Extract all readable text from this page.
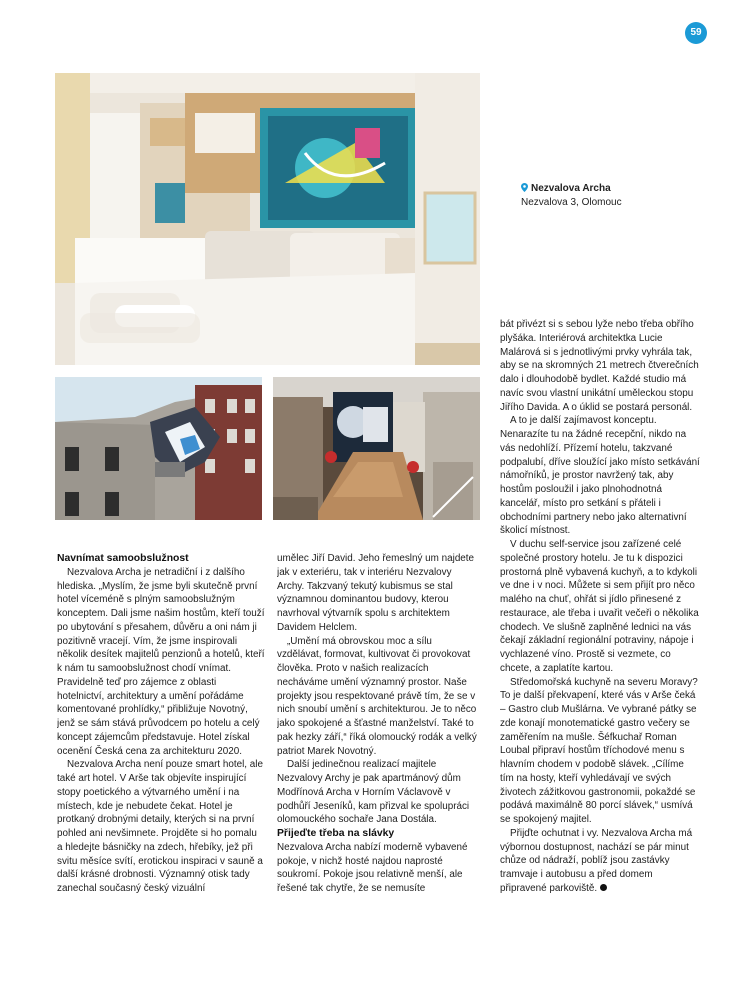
59
Nezvalova Archa
Nezvalova 3, Olomouc
Navnímat samoobslužnost

Nezvalova Archa je netradiční i z dalšího hlediska. „Myslím, že jsme byli skutečně první hotel víceméně s plným samoobslužným konceptem. Dali jsme našim hostům, kteří touží po ubytování s přesahem, důvěru a oni nám ji pozitivně vracejí. Vím, že jsme inspirovali několik desítek majitelů penzionů a hotelů, kteří k nám tu samoobslužnost chodí vnímat. Pravidelně teď pro zájemce z oblasti hotelnictví, architektury a umění pořádáme komentované prohlídky,“ přibližuje Novotný, jenž se sám stává průvodcem po hotelu a celý koncept zájemcům představuje. Hotel získal ocenění Česká cena za architekturu 2020.

Nezvalova Archa není pouze smart hotel, ale také art hotel. V Arše tak objevíte inspirující stopy poetického a výtvarného umění i na místech, kde je nebudete čekat. Hotel je protkaný drobnými detaily, kterých si na první pohled ani nevšimnete. Projděte si ho pomalu a hledejte básničky na zdech, hřebíky, jež při svitu měsíce svítí, erotickou inspiraci v sauně a další krásné drobnosti. Významný otisk tady zanechal současný český vizuální

umělec Jiří David. Jeho řemeslný um najdete jak v exteriéru, tak v interiéru Nezvalovy Archy. Takzvaný tekutý kubismus se stal významnou dominantou budovy, kterou navrhoval výtvarník spolu s architektem Davidem Helclem.

„Umění má obrovskou moc a sílu vzdělávat, formovat, kultivovat či provokovat člověka. Proto v našich realizacích necháváme umění významný prostor. Naše projekty jsou respektované právě tím, že se v nich snoubí umění s architekturou. Je to něco jako spokojené a šťastné manželství. Také to pak hezky září,“ říká olomoucký rodák a velký patriot Marek Novotný.

Další jedinečnou realizací majitele Nezvalovy Archy je pak apartmánový dům Modřínová Archa v Horním Václavově v podhůří Jeseníků, kam přizval ke spolupráci olomouckého sochaře Jana Dostála.

Přijeďte třeba na slávky

Nezvalova Archa nabízí moderně vybavené pokoje, v nichž hosté najdou naprosté soukromí. Pokoje jsou relativně menší, ale řešené tak chytře, že se nemusíte

bát přivézt si s sebou lyže nebo třeba obřího plyšáka. Interiérová architektka Lucie Malárová si s jednotlivými prvky vyhrála tak, aby se na skromných 21 metrech čtverečních dalo i dlouhodobě bydlet. Každé studio má navíc svou vlastní unikátní uměleckou stopu Jiřího Davida. A o úklid se postará personál.

A to je další zajímavost konceptu. Nenarazíte tu na žádné recepční, nikdo na vás nedohlíží. Přízemí hotelu, takzvané podpalubí, dříve sloužící jako místo setkávání námořníků, je prostor navržený tak, aby hostům posloužil i jako plnohodnotná kancelář, místo pro setkání s přáteli i obchodními partnery nebo jako alternativní školicí místnost.

V duchu self-service jsou zařízené celé společné prostory hotelu. Je tu k dispozici prostorná plně vybavená kuchyň, a to kdykoli ve dne i v noci. Můžete si sem přijít pro něco malého na chuť, ohřát si jídlo přinesené z restaurace, ale třeba i uvařit večeři o několika chodech. Ve slušně zaplněné lednici na vás čekají základní regionální potraviny, nápoje i vychlazené víno. Prostě si vezmete, co chcete, a zaplatíte kartou.

Středomořská kuchyně na severu Moravy? To je další překvapení, které vás v Arše čeká – Gastro club Mušlárna. Ve vybrané pátky se zde konají monotematické gastro večery se zaměřením na mušle. Šéfkuchař Roman Loubal připraví hostům tříchodové menu s hlavním chodem v podobě slávek. „Cílíme tím na hosty, kteří vyhledávají ve svých životech zážitkovou gastronomii, pokaždé se podává maximálně 80 porcí slávek,“ usmívá se spokojený majitel.

Přijďte ochutnat i vy. Nezvalova Archa má výbornou dostupnost, nachází se pár minut chůze od nádraží, poblíž jsou zastávky tramvaje i autobusu a před domem připravené parkoviště.
